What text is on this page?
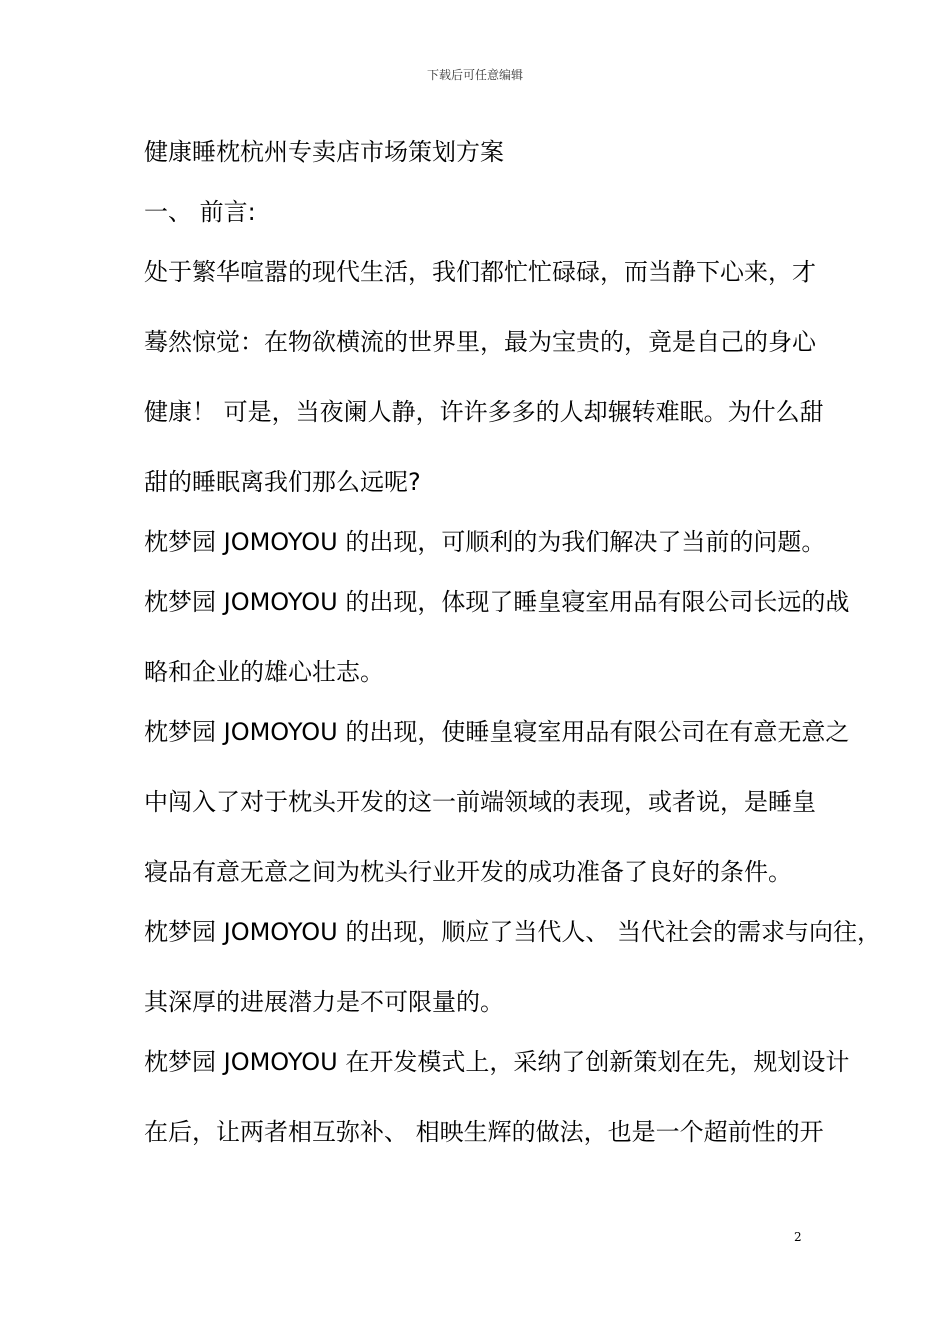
下载后可任意编辑
健康睡枕杭州专卖店市场策划方案
一、 前言:
处于繁华喧嚣的现代生活，我们都忙忙碌碌，而当静下心来，才
蓦然惊觉：在物欲横流的世界里，最为宝贵的，竟是自己的身心
健康！ 可是，当夜阑人静，许许多多的人却辗转难眠。为什么甜
甜的睡眠离我们那么远呢?
枕梦园 JOMOYOU 的出现，可顺利的为我们解决了当前的问题。
枕梦园 JOMOYOU 的出现，体现了睡皇寝室用品有限公司长远的战
略和企业的雄心壮志。
枕梦园 JOMOYOU 的出现，使睡皇寝室用品有限公司在有意无意之
中闯入了对于枕头开发的这一前端领域的表现，或者说，是睡皇
寝品有意无意之间为枕头行业开发的成功准备了良好的条件。
枕梦园 JOMOYOU 的出现，顺应了当代人、 当代社会的需求与向往，
其深厚的进展潜力是不可限量的。
枕梦园 JOMOYOU 在开发模式上，采纳了创新策划在先，规划设计
在后，让两者相互弥补、 相映生辉的做法，也是一个超前性的开
2
